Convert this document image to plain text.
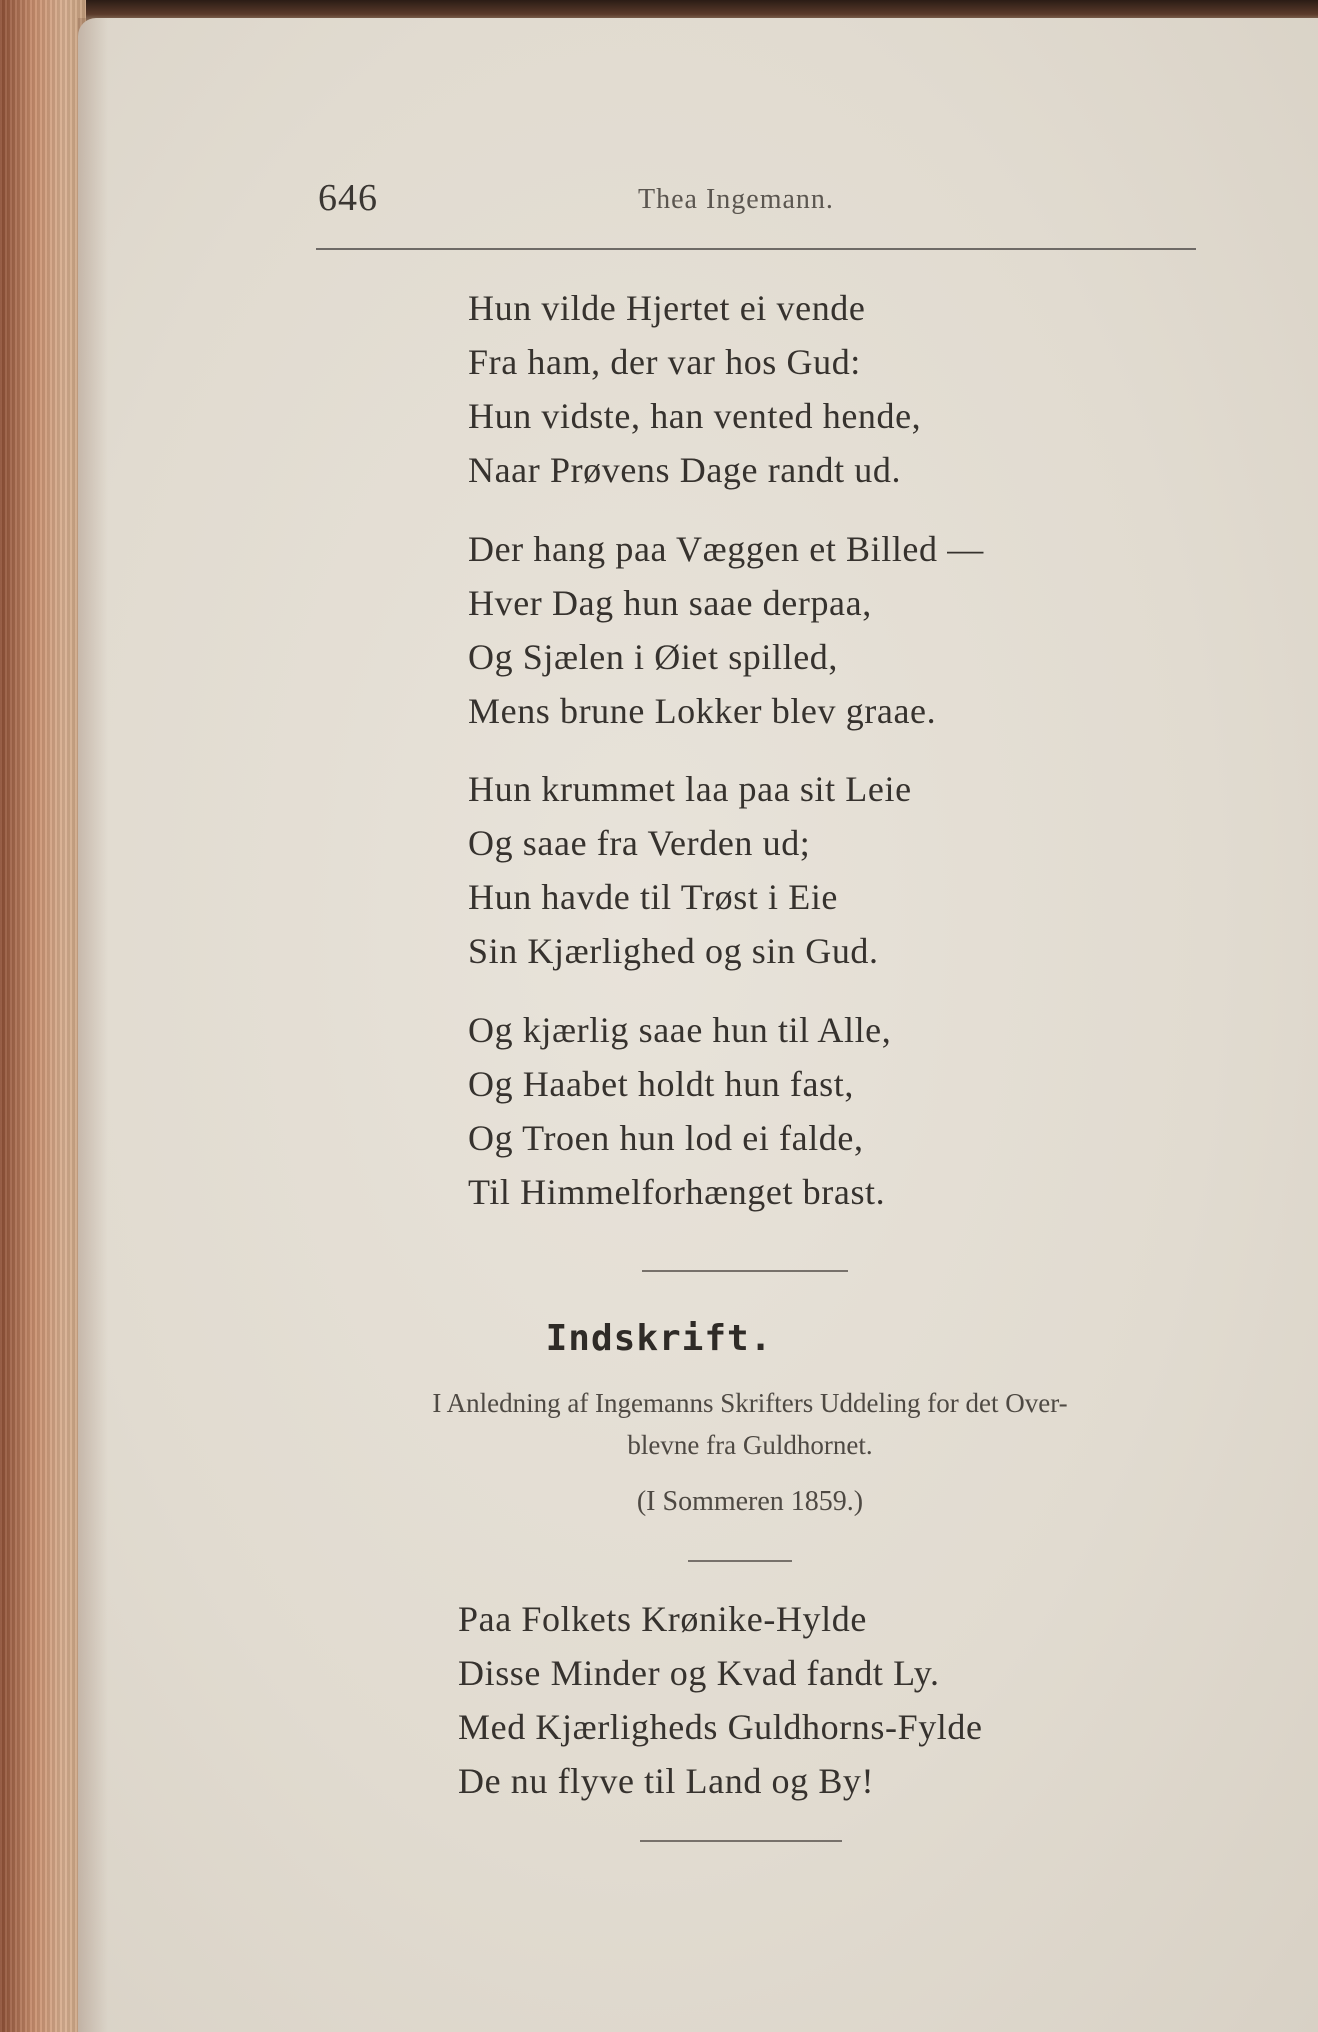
646	Thea Ingemann.
Hun vilde Hjertet ei vende
Fra ham, der var hos Gud:
Hun vidste, han vented hende,
Naar Prøvens Dage randt ud.
Der hang paa Væggen et Billed —
Hver Dag hun saae derpaa,
Og Sjælen i Øiet spilled,
Mens brune Lokker blev graae.
Hun krummet laa paa sit Leie
Og saae fra Verden ud;
Hun havde til Trøst i Eie
Sin Kjærlighed og sin Gud.
Og kjærlig saae hun til Alle,
Og Haabet holdt hun fast,
Og Troen hun lod ei falde,
Til Himmelforhænget brast.
Indskrift.
I Anledning af Ingemanns Skrifters Uddeling for det Over-
blevne fra Guldhornet.
(I Sommeren 1859.)
Paa Folkets Krønike-Hylde
Disse Minder og Kvad fandt Ly.
Med Kjærligheds Guldhorns-Fylde
De nu flyve til Land og By!
